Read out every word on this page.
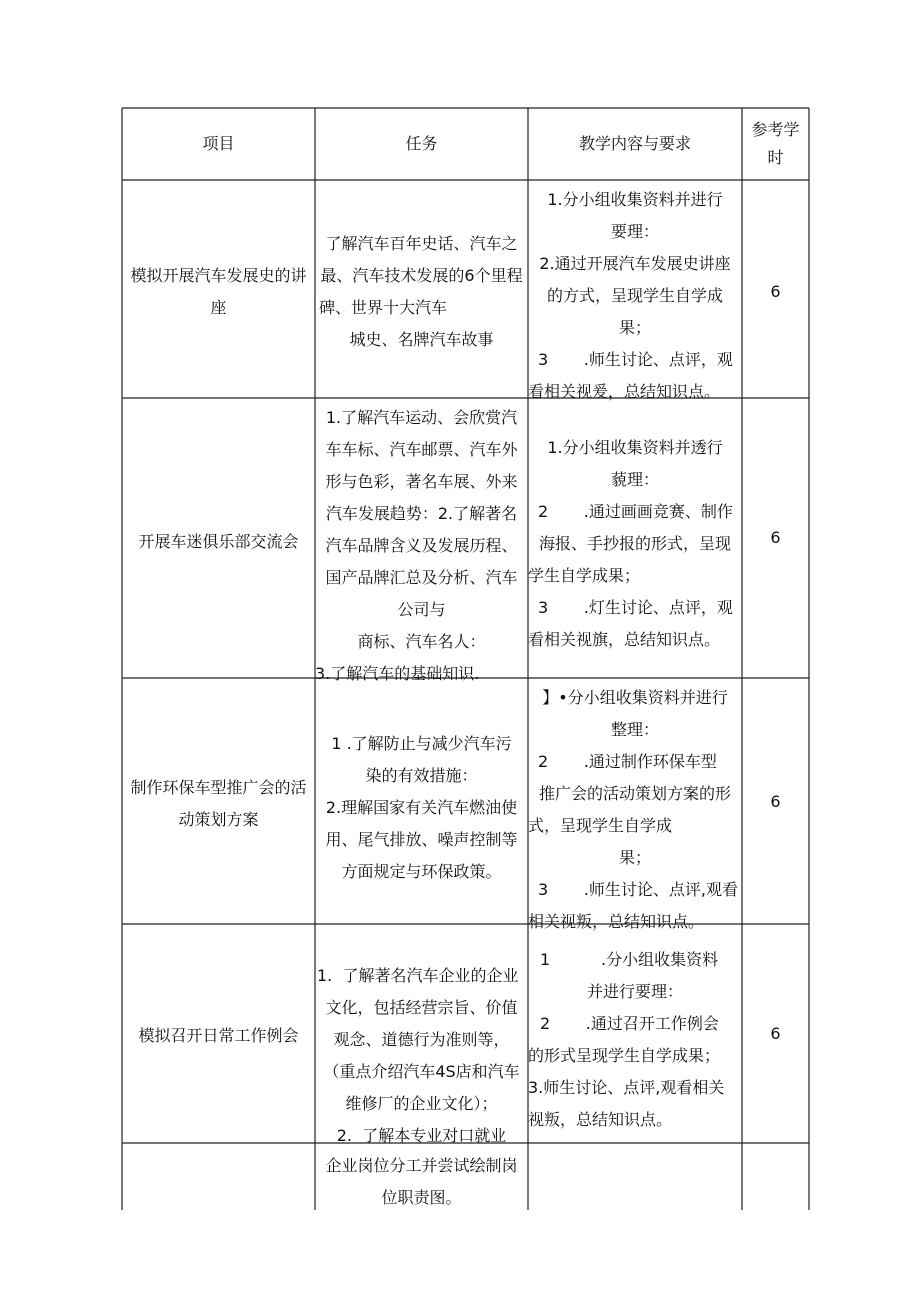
项目	任务	教学内容与要求
参考学
时
模拟开展汽车发展史的讲
座
了解汽车百年史话、汽车之
最、汽车技术发展的6个里程
碑、世界十大汽车
城史、名牌汽车故事
1.分小组收集资料并进行
要理：
2.通过开展汽车发展史讲座
的方式，呈现学生自学成
果；
3       .师生讨论、点评，观
看相关视爰，总结知识点。
6
开展车迷俱乐部交流会
1.了解汽车运动、会欣赏汽
车车标、汽车邮票、汽车外
形与色彩，著名车展、外来
汽车发展趋势：2.了解著名
汽车品牌含义及发展历程、
国产品牌汇总及分析、汽车
公司与
商标、汽车名人：
3.了解汽车的基础知识.
1.分小组收集资料并透行
藐理：
2       .通过画画竞赛、制作
海报、手抄报的形式，呈现
学生自学成果；
3       .灯生讨论、点评，观
看相关视旗，总结知识点。
6
制作环保车型推广会的活
动策划方案
1 .了解防止与减少汽车污
染的有效措施：
2.理解国家有关汽车燃油使
用、尾气排放、噪声控制等
方面规定与环保政策。
】•分小组收集资料并进行
整理：
2       .通过制作环保车型
推广会的活动策划方案的形
式，呈现学生自学成
果；
3       .师生讨论、点评,观看
相关视叛，总结知识点。
6
模拟召开日常工作例会
1.  了解著名汽车企业的企业
文化，包括经营宗旨、价值
观念、道德行为准则等，
（重点介绍汽车4S店和汽车
维修厂的企业文化）；
2.  了解本专业对口就业
1          .分小组收集资料
并进行要理：
2       .通过召开工作例会
的形式呈现学生自学成果；
3.师生讨论、点评,观看相关
视叛，总结知识点。
6
企业岗位分工并尝试绘制岗
位职责图。
